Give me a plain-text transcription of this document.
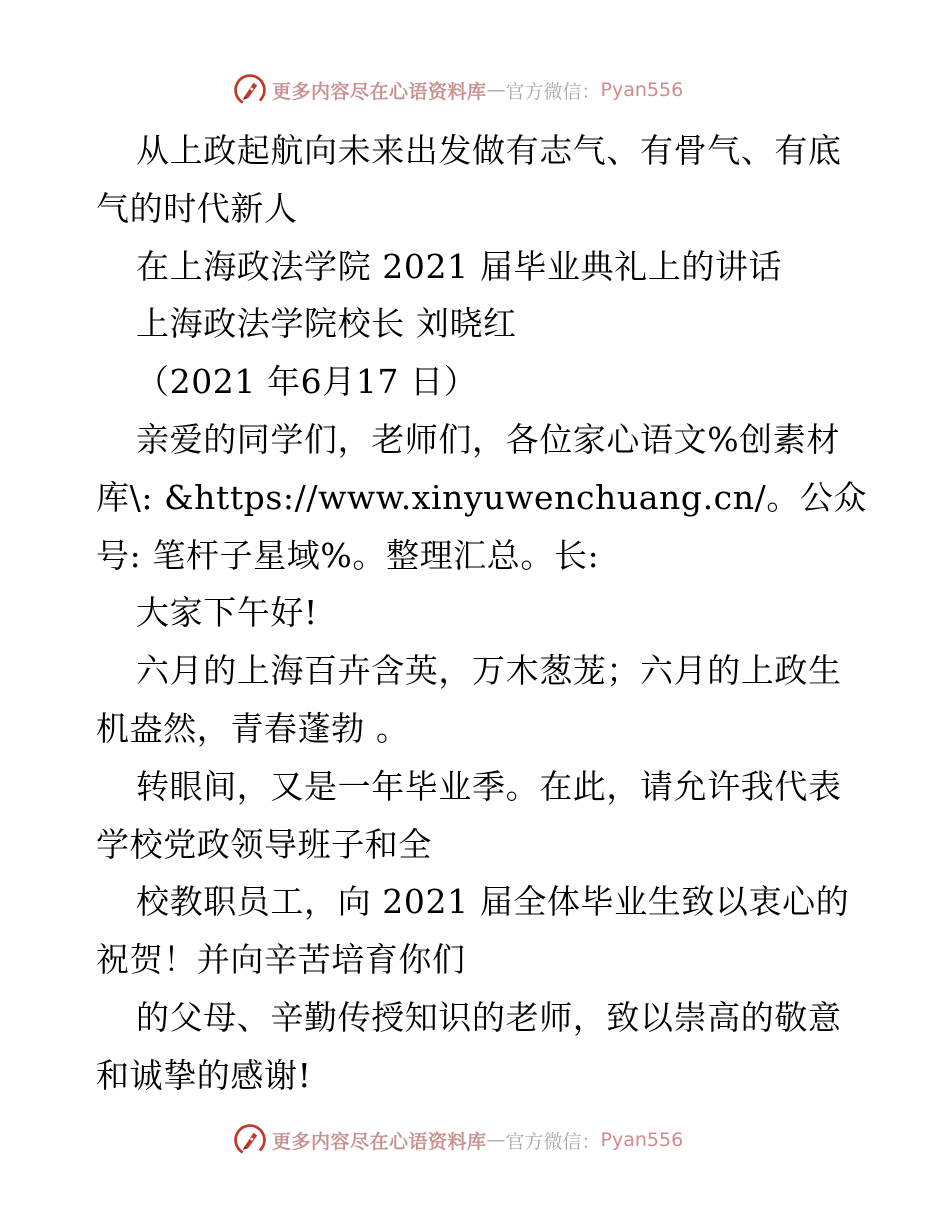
更多内容尽在心语资料库 — 官方微信： Pyan556
从上政起航向未来出发做有志气、有骨气、有底
气的时代新人
在上海政法学院 2021 届毕业典礼上的讲话
上海政法学院校长 刘晓红
（2021 年6月17 日）
亲爱的同学们，老师们，各位家心语文%创素材
库\: &https://www.xinyuwenchuang.cn/。公众
号: 笔杆子星域%。整理汇总。长:
大家下午好!
六月的上海百卉含英，万木葱茏；六月的上政生
机盎然，青春蓬勃 。
转眼间，又是一年毕业季。在此，请允许我代表
学校党政领导班子和全
校教职员工，向 2021 届全体毕业生致以衷心的
祝贺！并向辛苦培育你们
的父母、辛勤传授知识的老师，致以崇高的敬意
和诚挚的感谢!
更多内容尽在心语资料库 — 官方微信： Pyan556
